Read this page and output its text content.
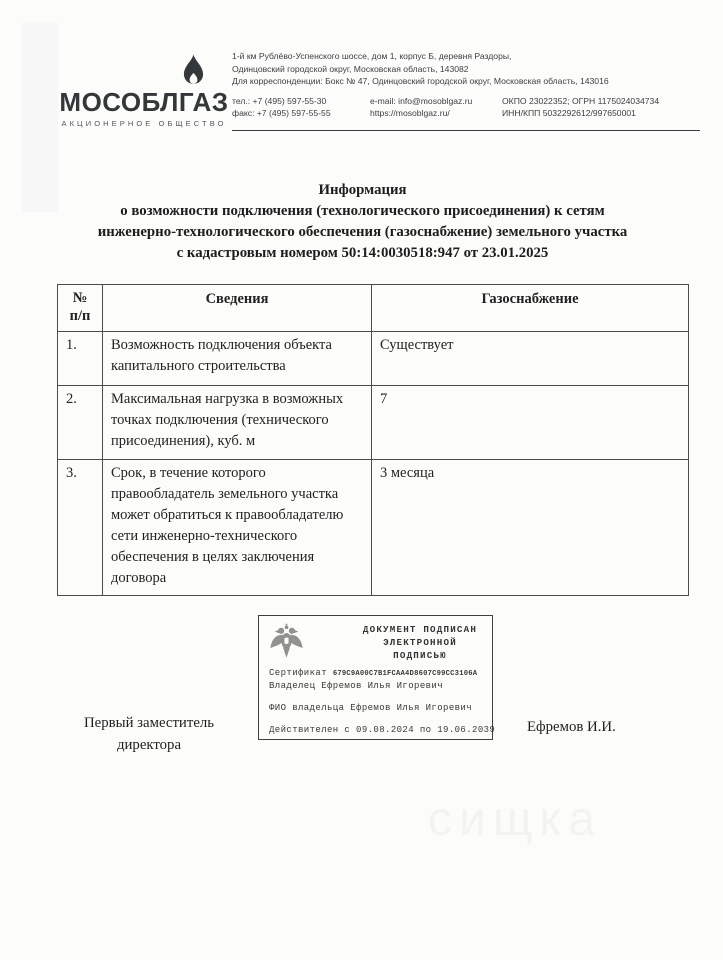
МОСОБЛГАЗ
АКЦИОНЕРНОЕ ОБЩЕСТВО
1-й км Рублёво-Успенского шоссе, дом 1, корпус Б, деревня Раздоры,
Одинцовский городской округ, Московская область, 143082
Для корреспонденции: Бокс № 47, Одинцовский городской округ, Московская область, 143016
тел.: +7 (495) 597-55-30
факс: +7 (495) 597-55-55
e-mail: info@mosoblgaz.ru
https://mosoblgaz.ru/
ОКПО 23022352; ОГРН 1175024034734
ИНН/КПП 5032292612/997650001
Информация
о возможности подключения (технологического присоединения) к сетям
инженерно-технологического обеспечения (газоснабжение) земельного участка
с кадастровым номером 50:14:0030518:947 от 23.01.2025
№
п/п	Сведения	Газоснабжение
1.	Возможность подключения объекта капитального строительства	Существует
2.	Максимальная нагрузка в возможных точках подключения (технического присоединения), куб. м	7
3.	Срок, в течение которого правообладатель земельного участка может обратиться к правообладателю сети инженерно-технического обеспечения в целях заключения договора	3 месяца
ДОКУМЕНТ ПОДПИСАН
ЭЛЕКТРОННОЙ ПОДПИСЬЮ
Сертификат 679C9A00C7B1FCAA4D8607C99CC3106A
Владелец Ефремов Илья Игоревич
ФИО владельца Ефремов Илья Игоревич
Действителен с 09.08.2024 по 19.06.2039
Первый заместитель
директора
Ефремов И.И.
сищка
